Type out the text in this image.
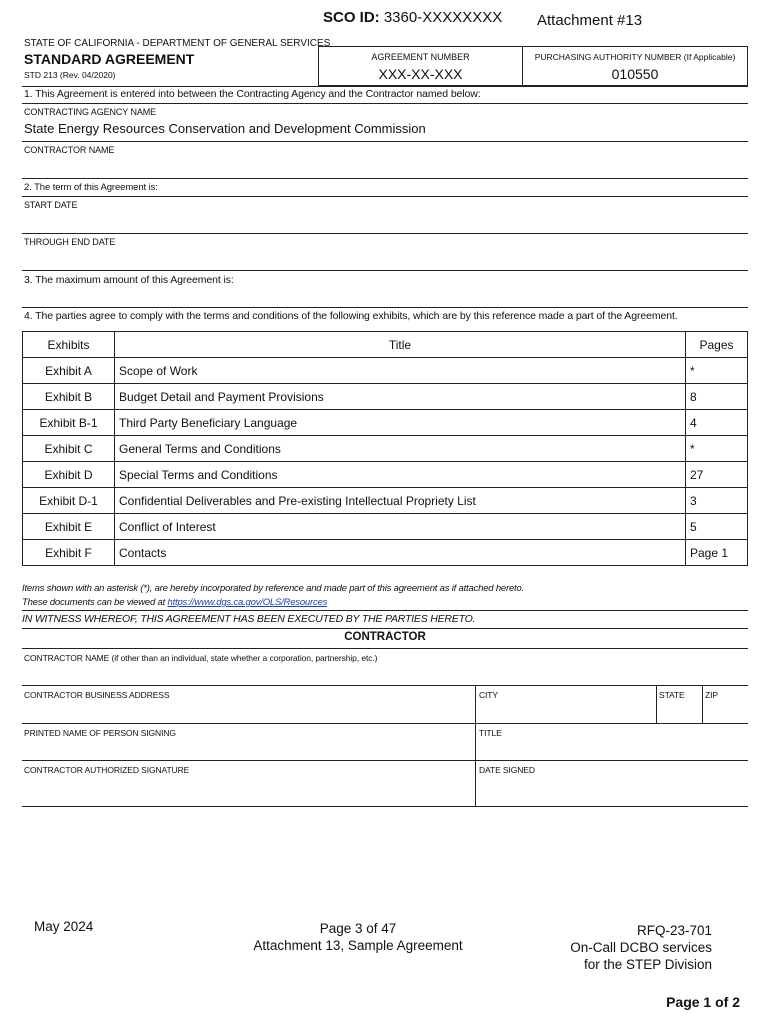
SCO ID: 3360-XXXXXXXX Attachment #13
STATE OF CALIFORNIA - DEPARTMENT OF GENERAL SERVICES
STANDARD AGREEMENT
STD 213 (Rev. 04/2020)
AGREEMENT NUMBER
XXX-XX-XXX
PURCHASING AUTHORITY NUMBER (If Applicable)
010550
1. This Agreement is entered into between the Contracting Agency and the Contractor named below:
CONTRACTING AGENCY NAME
State Energy Resources Conservation and Development Commission
CONTRACTOR NAME
2. The term of this Agreement is:
START DATE
THROUGH END DATE
3. The maximum amount of this Agreement is:
4. The parties agree to comply with the terms and conditions of the following exhibits, which are by this reference made a part of the Agreement.
Exhibits	Title	Pages
Exhibit A	Scope of Work	*
Exhibit B	Budget Detail and Payment Provisions	8
Exhibit B-1	Third Party Beneficiary Language	4
Exhibit C	General Terms and Conditions	*
Exhibit D	Special Terms and Conditions	27
Exhibit D-1	Confidential Deliverables and Pre-existing Intellectual Propriety List	3
Exhibit E	Conflict of Interest	5
Exhibit F	Contacts	Page 1
Items shown with an asterisk (*), are hereby incorporated by reference and made part of this agreement as if attached hereto.
These documents can be viewed at https://www.dgs.ca.gov/OLS/Resources
IN WITNESS WHEREOF, THIS AGREEMENT HAS BEEN EXECUTED BY THE PARTIES HERETO.
CONTRACTOR
CONTRACTOR NAME (if other than an individual, state whether a corporation, partnership, etc.)
CONTRACTOR BUSINESS ADDRESS	CITY	STATE ZIP
PRINTED NAME OF PERSON SIGNING	TITLE
CONTRACTOR AUTHORIZED SIGNATURE	DATE SIGNED
May 2024	Page 3 of 47
Attachment 13, Sample Agreement
RFQ-23-701
On-Call DCBO services
for the STEP Division
Page 1 of 2
